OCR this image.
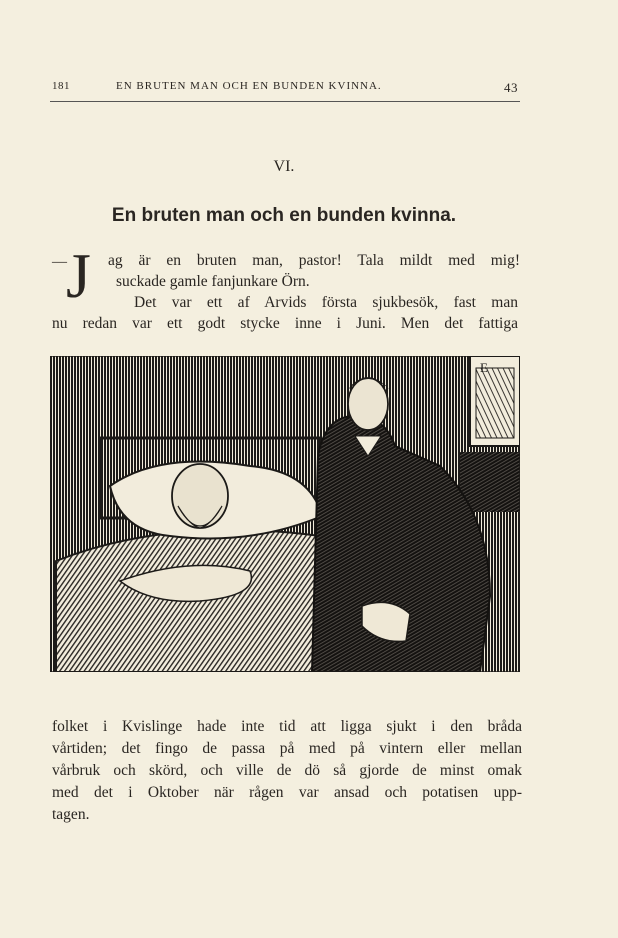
181	EN BRUTEN MAN OCH EN BUNDEN KVINNA.	43
VI.
En bruten man och en bunden kvinna.
— J ag är en bruten man, pastor! Tala mildt med mig!
suckade gamle fanjunkare Örn.
Det var ett af Arvids första sjukbesök, fast man
nu redan var ett godt stycke inne i Juni. Men det fattiga
E
folket i Kvislinge hade inte tid att ligga sjukt i den bråda
vårtiden; det fingo de passa på med på vintern eller mellan
vårbruk och skörd, och ville de dö så gjorde de minst omak
med det i Oktober när rågen var ansad och potatisen upp-
tagen.
